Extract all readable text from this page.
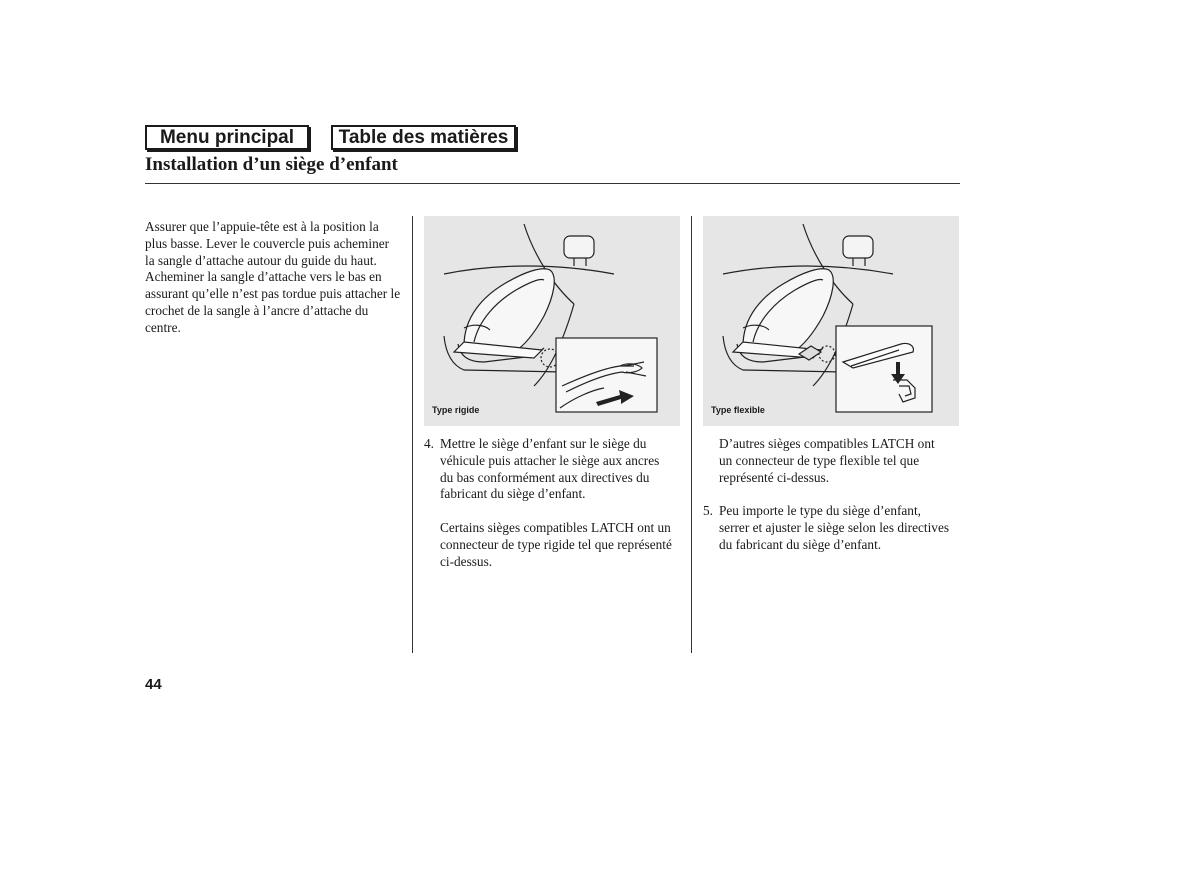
Menu principal	Table des matières
Installation d’un siège d’enfant

Assurer que l’appuie-tête est à la position la plus basse. Lever le couvercle puis acheminer la sangle d’attache autour du guide du haut. Acheminer la sangle d’attache vers le bas en assurant qu’elle n’est pas tordue puis attacher le crochet de la sangle à l’ancre d’attache du centre.

Type rigide	Type flexible
4. Mettre le siège d’enfant sur le siège du véhicule puis attacher le siège aux ancres du bas conformément aux directives du fabricant du siège d’enfant.

Certains sièges compatibles LATCH ont un connecteur de type rigide tel que représenté ci-dessus.

D’autres sièges compatibles LATCH ont un connecteur de type flexible tel que représenté ci-dessus.

5. Peu importe le type du siège d’enfant, serrer et ajuster le siège selon les directives du fabricant du siège d’enfant.

44
